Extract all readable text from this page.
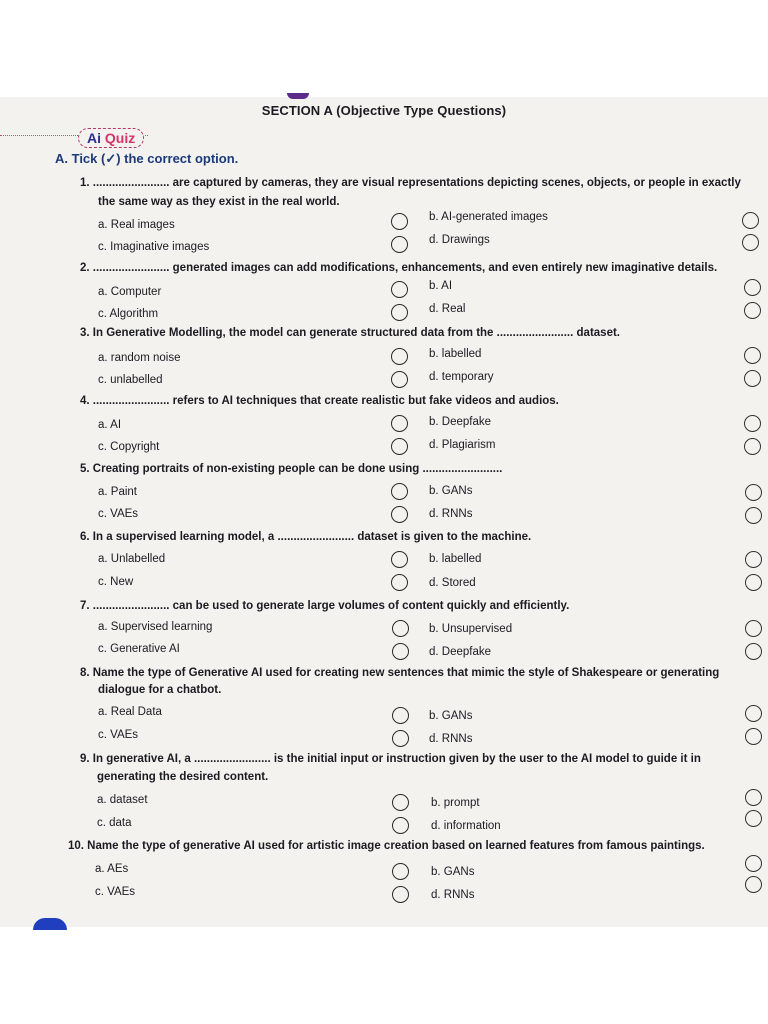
SECTION A (Objective Type Questions)
Ai Quiz
A. Tick (✓) the correct option.
1. ........................ are captured by cameras, they are visual representations depicting scenes, objects, or people in exactly
the same way as they exist in the real world.
a. Real images
b. AI-generated images
c. Imaginative images
d. Drawings
2. ........................ generated images can add modifications, enhancements, and even entirely new imaginative details.
a. Computer	b. AI
c. Algorithm	d. Real
3. In Generative Modelling, the model can generate structured data from the ........................ dataset.
a. random noise	b. labelled
c. unlabelled	d. temporary
4. ........................ refers to AI techniques that create realistic but fake videos and audios.
a. AI	b. Deepfake
c. Copyright	d. Plagiarism
5. Creating portraits of non-existing people can be done using .........................
a. Paint	b. GANs
c. VAEs	d. RNNs
6. In a supervised learning model, a ........................ dataset is given to the machine.
a. Unlabelled	b. labelled
c. New	d. Stored
7. ........................ can be used to generate large volumes of content quickly and efficiently.
a. Supervised learning	b. Unsupervised
c. Generative AI	d. Deepfake
8. Name the type of Generative AI used for creating new sentences that mimic the style of Shakespeare or generating
dialogue for a chatbot.
a. Real Data	b. GANs
c. VAEs	d. RNNs
9. In generative AI, a ........................ is the initial input or instruction given by the user to the AI model to guide it in
generating the desired content.
a. dataset	b. prompt
c. data	d. information
10. Name the type of generative AI used for artistic image creation based on learned features from famous paintings.
a. AEs	b. GANs
c. VAEs	d. RNNs
